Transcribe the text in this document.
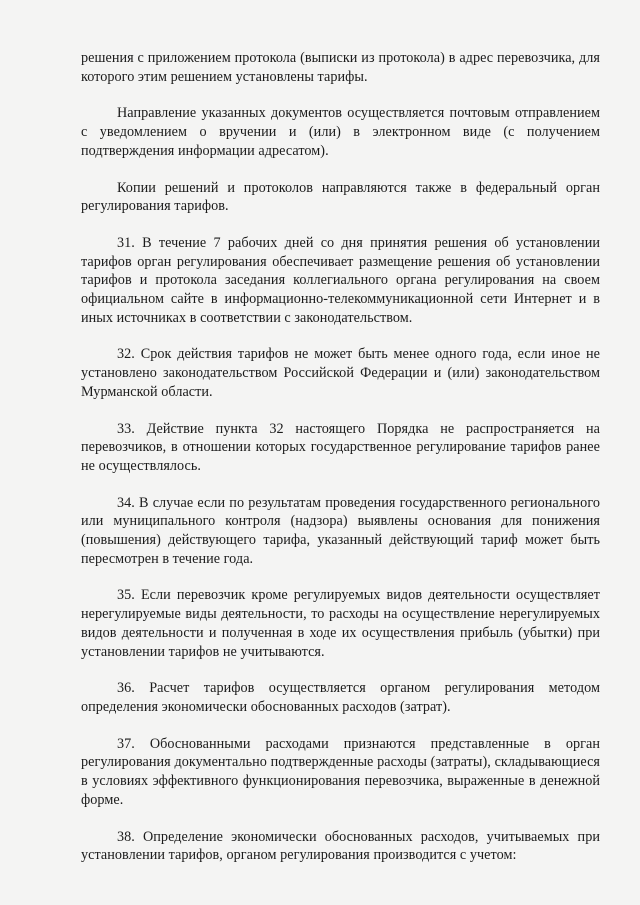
решения с приложением протокола (выписки из протокола) в адрес перевозчика, для которого этим решением установлены тарифы.

Направление указанных документов осуществляется почтовым отправлением с уведомлением о вручении и (или) в электронном виде (с получением подтверждения информации адресатом).

Копии решений и протоколов направляются также в федеральный орган регулирования тарифов.

31. В течение 7 рабочих дней со дня принятия решения об установлении тарифов орган регулирования обеспечивает размещение решения об установлении тарифов и протокола заседания коллегиального органа регулирования на своем официальном сайте в информационно-телекоммуникационной сети Интернет и в иных источниках в соответствии с законодательством.

32. Срок действия тарифов не может быть менее одного года, если иное не установлено законодательством Российской Федерации и (или) законодательством Мурманской области.

33. Действие пункта 32 настоящего Порядка не распространяется на перевозчиков, в отношении которых государственное регулирование тарифов ранее не осуществлялось.

34. В случае если по результатам проведения государственного регионального или муниципального контроля (надзора) выявлены основания для понижения (повышения) действующего тарифа, указанный действующий тариф может быть пересмотрен в течение года.

35. Если перевозчик кроме регулируемых видов деятельности осуществляет нерегулируемые виды деятельности, то расходы на осуществление нерегулируемых видов деятельности и полученная в ходе их осуществления прибыль (убытки) при установлении тарифов не учитываются.

36. Расчет тарифов осуществляется органом регулирования методом определения экономически обоснованных расходов (затрат).

37. Обоснованными расходами признаются представленные в орган регулирования документально подтвержденные расходы (затраты), складывающиеся в условиях эффективного функционирования перевозчика, выраженные в денежной форме.

38. Определение экономически обоснованных расходов, учитываемых при установлении тарифов, органом регулирования производится с учетом:
